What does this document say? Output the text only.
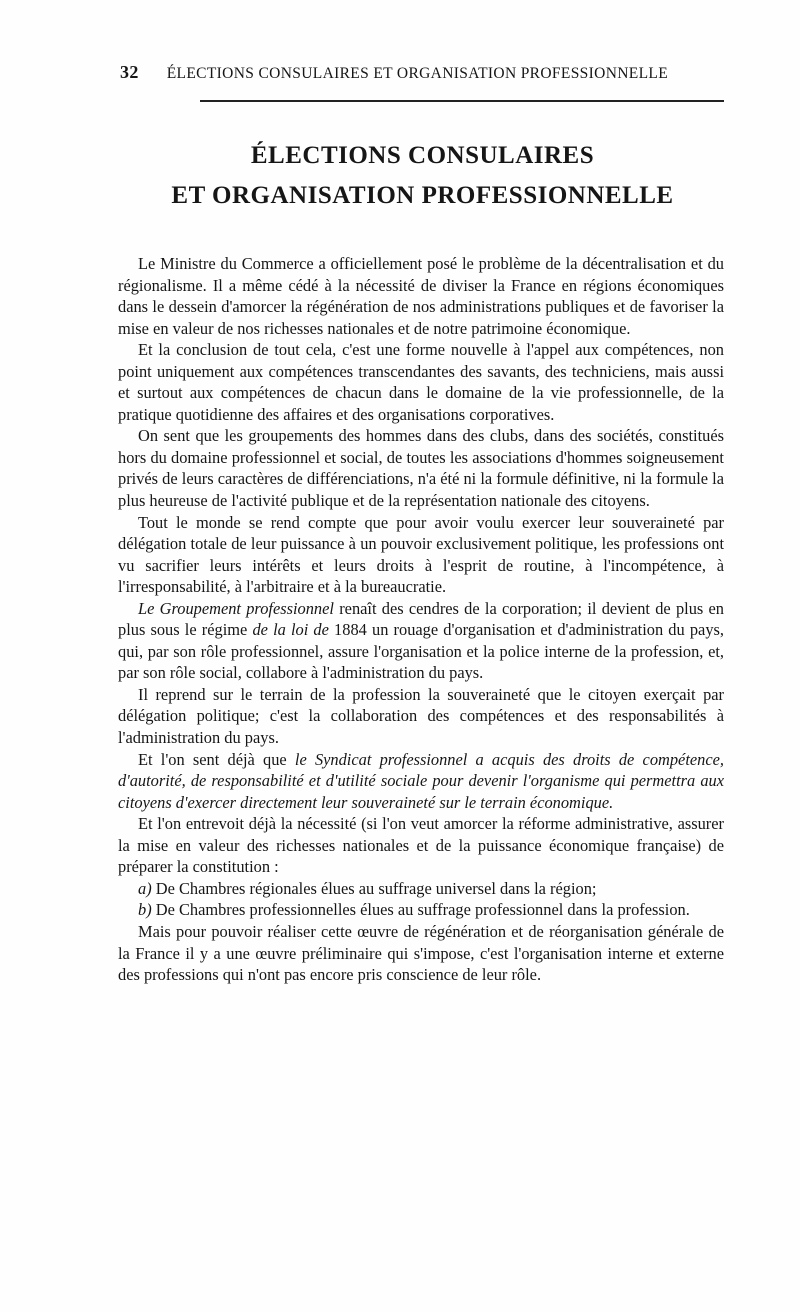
32 ÉLECTIONS CONSULAIRES ET ORGANISATION PROFESSIONNELLE
ÉLECTIONS CONSULAIRES
ET ORGANISATION PROFESSIONNELLE

Le Ministre du Commerce a officiellement posé le problème de la décentralisation et du régionalisme. Il a même cédé à la nécessité de diviser la France en régions économiques dans le dessein d'amorcer la régénération de nos administrations publiques et de favoriser la mise en valeur de nos richesses nationales et de notre patrimoine économique.

Et la conclusion de tout cela, c'est une forme nouvelle à l'appel aux compétences, non point uniquement aux compétences transcendantes des savants, des techniciens, mais aussi et surtout aux compétences de chacun dans le domaine de la vie professionnelle, de la pratique quotidienne des affaires et des organisations corporatives.

On sent que les groupements des hommes dans des clubs, dans des sociétés, constitués hors du domaine professionnel et social, de toutes les associations d'hommes soigneusement privés de leurs caractères de différenciations, n'a été ni la formule définitive, ni la formule la plus heureuse de l'activité publique et de la représentation nationale des citoyens.

Tout le monde se rend compte que pour avoir voulu exercer leur souveraineté par délégation totale de leur puissance à un pouvoir exclusivement politique, les professions ont vu sacrifier leurs intérêts et leurs droits à l'esprit de routine, à l'incompétence, à l'irresponsabilité, à l'arbitraire et à la bureaucratie.

Le Groupement professionnel renaît des cendres de la corporation; il devient de plus en plus sous le régime de la loi de 1884 un rouage d'organisation et d'administration du pays, qui, par son rôle professionnel, assure l'organisation et la police interne de la profession, et, par son rôle social, collabore à l'administration du pays.

Il reprend sur le terrain de la profession la souveraineté que le citoyen exerçait par délégation politique; c'est la collaboration des compétences et des responsabilités à l'administration du pays.

Et l'on sent déjà que le Syndicat professionnel a acquis des droits de compétence, d'autorité, de responsabilité et d'utilité sociale pour devenir l'organisme qui permettra aux citoyens d'exercer directement leur souveraineté sur le terrain économique.

Et l'on entrevoit déjà la nécessité (si l'on veut amorcer la réforme administrative, assurer la mise en valeur des richesses nationales et de la puissance économique française) de préparer la constitution :

a) De Chambres régionales élues au suffrage universel dans la région;

b) De Chambres professionnelles élues au suffrage professionnel dans la profession.

Mais pour pouvoir réaliser cette œuvre de régénération et de réorganisation générale de la France il y a une œuvre préliminaire qui s'impose, c'est l'organisation interne et externe des professions qui n'ont pas encore pris conscience de leur rôle.
